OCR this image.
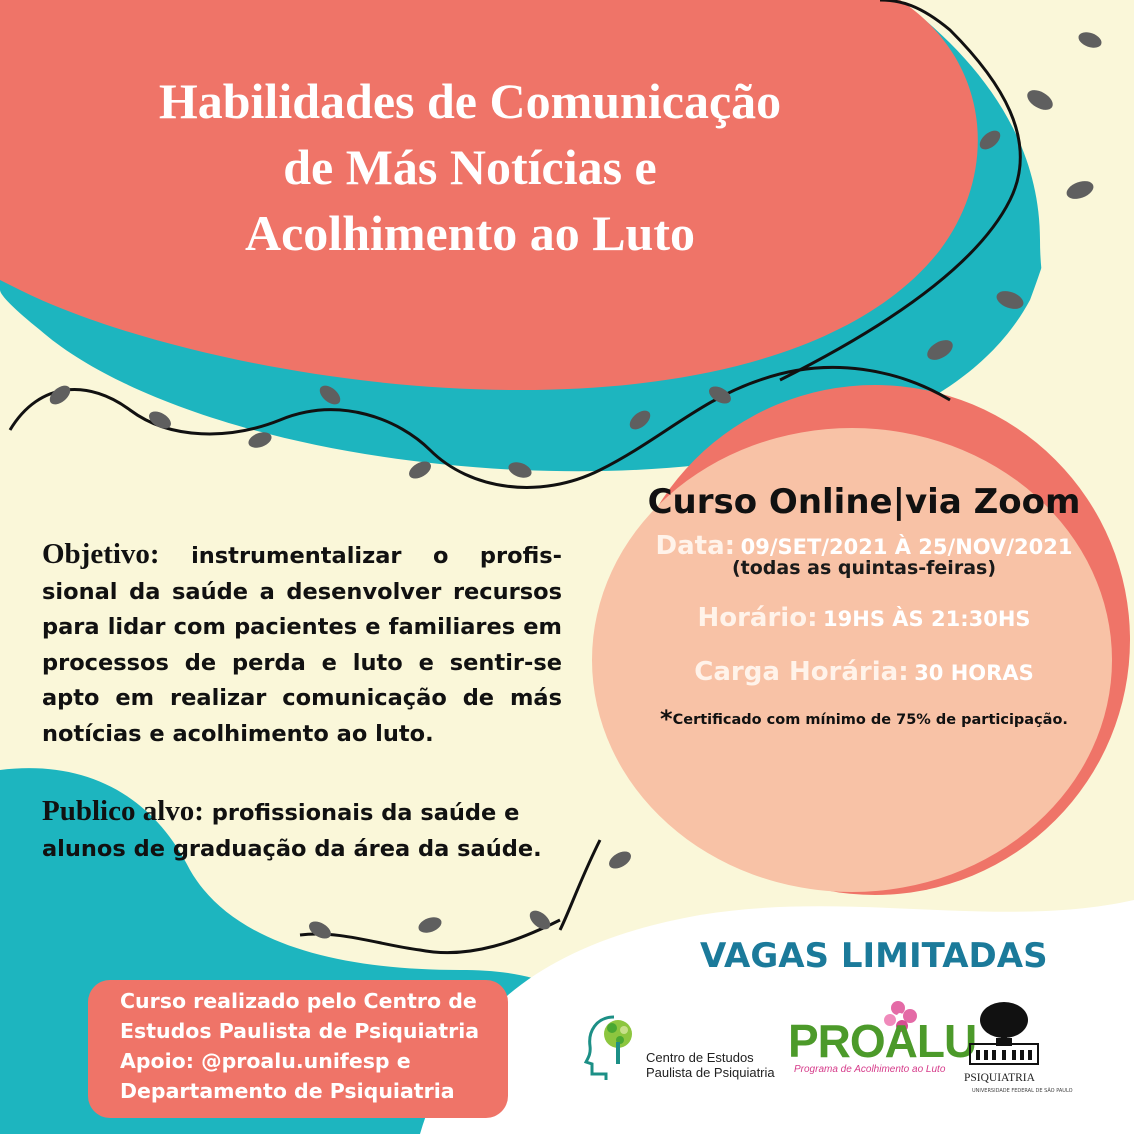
Habilidades de Comunicação
de Más Notícias e
Acolhimento ao Luto
Objetivo: instrumentalizar o profis-sional da saúde a desenvolver recursos para lidar com pacientes e familiares em processos de perda e luto e sentir-se apto em realizar comunicação de más notícias e acolhimento ao luto.
Publico alvo: profissionais da saúde e alunos de graduação da área da saúde.
Curso Online|via Zoom
Data: 09/SET/2021 À 25/NOV/2021
(todas as quintas-feiras)
Horário: 19HS ÀS 21:30HS
Carga Horária: 30 HORAS
*Certificado com mínimo de 75% de participação.
VAGAS LIMITADAS
Curso realizado pelo Centro de
Estudos Paulista de Psiquiatria
Apoio: @proalu.unifesp e
Departamento de Psiquiatria
Centro de Estudos
Paulista de Psiquiatria
PROALU
Programa de Acolhimento ao Luto
PSIQUIATRIA
UNIVERSIDADE FEDERAL DE SÃO PAULO
